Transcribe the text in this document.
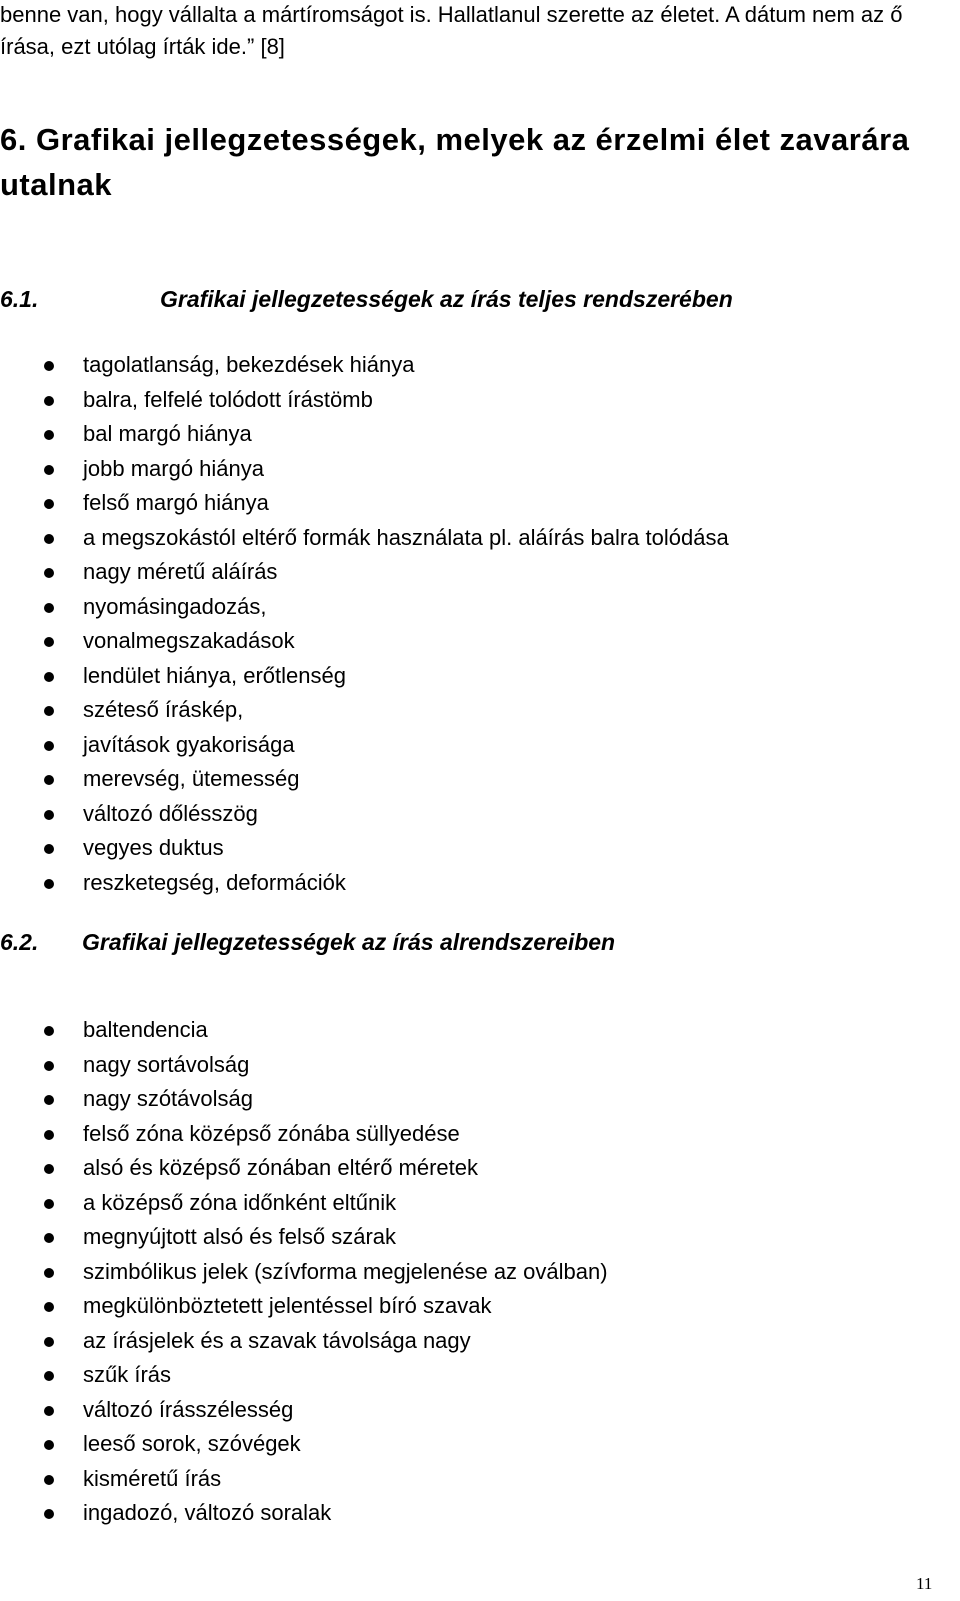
benne van, hogy vállalta a mártíromságot is. Hallatlanul szerette az életet. A dátum nem az ő
írása, ezt utólag írták ide.” [8]
6. Grafikai jellegzetességek, melyek az érzelmi élet zavarára
utalnak
6.1.	Grafikai jellegzetességek az írás teljes rendszerében
tagolatlanság, bekezdések hiánya
balra, felfelé tolódott írástömb
bal margó hiánya
jobb margó hiánya
felső margó hiánya
a megszokástól eltérő formák használata pl. aláírás balra tolódása
nagy méretű aláírás
nyomásingadozás,
vonalmegszakadások
lendület hiánya, erőtlenség
széteső íráskép,
javítások gyakorisága
merevség, ütemesség
változó dőlésszög
vegyes duktus
reszketegség, deformációk
6.2. Grafikai jellegzetességek az írás alrendszereiben
baltendencia
nagy sortávolság
nagy szótávolság
felső zóna középső zónába süllyedése
alsó és középső zónában eltérő méretek
a középső zóna időnként eltűnik
megnyújtott alsó és felső szárak
szimbólikus jelek (szívforma megjelenése az oválban)
megkülönböztetett jelentéssel bíró szavak
az írásjelek és a szavak távolsága nagy
szűk írás
változó írásszélesség
leeső sorok, szóvégek
kisméretű írás
ingadozó, változó soralak
11
